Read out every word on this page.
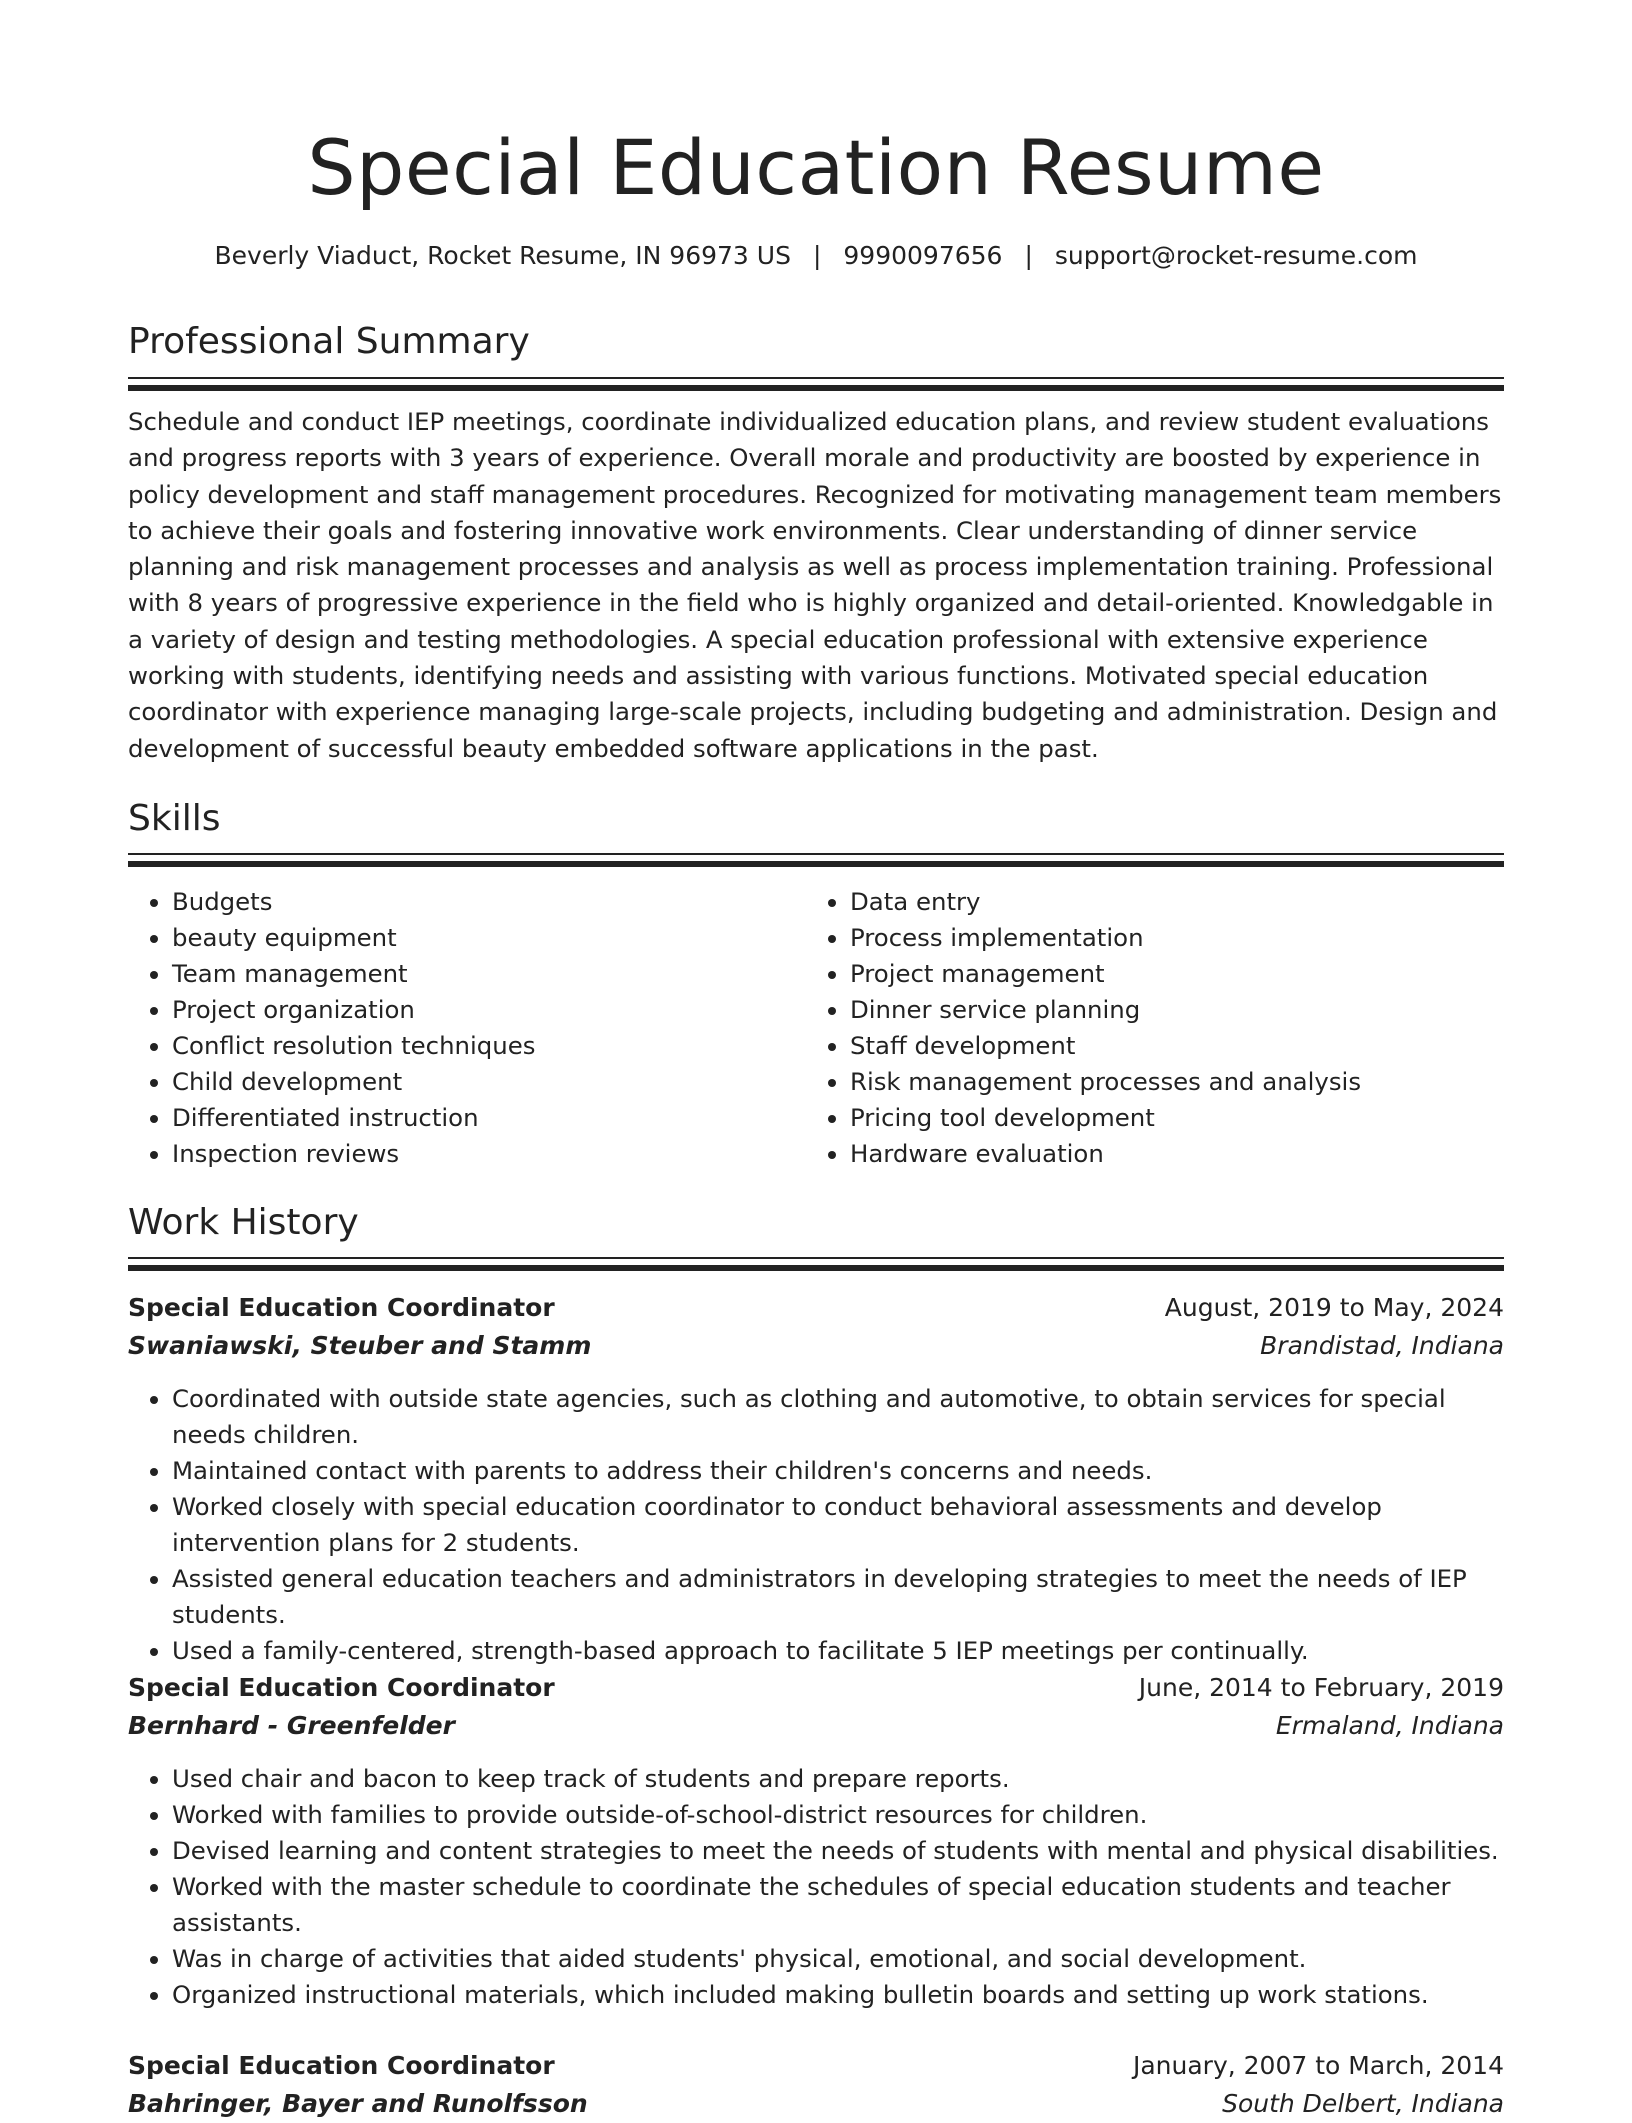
Special Education Resume
Beverly Viaduct, Rocket Resume, IN 96973 US | 9990097656 | support@rocket-resume.com
Professional Summary

Schedule and conduct IEP meetings, coordinate individualized education plans, and review student evaluations and progress reports with 3 years of experience. Overall morale and productivity are boosted by experience in policy development and staff management procedures. Recognized for motivating management team members to achieve their goals and fostering innovative work environments. Clear understanding of dinner service planning and risk management processes and analysis as well as process implementation training. Professional with 8 years of progressive experience in the field who is highly organized and detail-oriented. Knowledgable in a variety of design and testing methodologies. A special education professional with extensive experience working with students, identifying needs and assisting with various functions. Motivated special education coordinator with experience managing large-scale projects, including budgeting and administration. Design and development of successful beauty embedded software applications in the past.

Skills
• Budgets
• beauty equipment
• Team management
• Project organization
• Conflict resolution techniques
• Child development
• Differentiated instruction
• Inspection reviews
• Data entry
• Process implementation
• Project management
• Dinner service planning
• Staff development
• Risk management processes and analysis
• Pricing tool development
• Hardware evaluation
Work History
Special Education Coordinator	August, 2019 to May, 2024
Swaniawski, Steuber and Stamm	Brandistad, Indiana
• Coordinated with outside state agencies, such as clothing and automotive, to obtain services for special needs children.
• Maintained contact with parents to address their children's concerns and needs.
• Worked closely with special education coordinator to conduct behavioral assessments and develop intervention plans for 2 students.
• Assisted general education teachers and administrators in developing strategies to meet the needs of IEP students.
• Used a family-centered, strength-based approach to facilitate 5 IEP meetings per continually.
Special Education Coordinator	June, 2014 to February, 2019
Bernhard - Greenfelder	Ermaland, Indiana
• Used chair and bacon to keep track of students and prepare reports.
• Worked with families to provide outside-of-school-district resources for children.
• Devised learning and content strategies to meet the needs of students with mental and physical disabilities.
• Worked with the master schedule to coordinate the schedules of special education students and teacher assistants.
• Was in charge of activities that aided students' physical, emotional, and social development.
• Organized instructional materials, which included making bulletin boards and setting up work stations.
Special Education Coordinator	January, 2007 to March, 2014
Bahringer, Bayer and Runolfsson	South Delbert, Indiana
